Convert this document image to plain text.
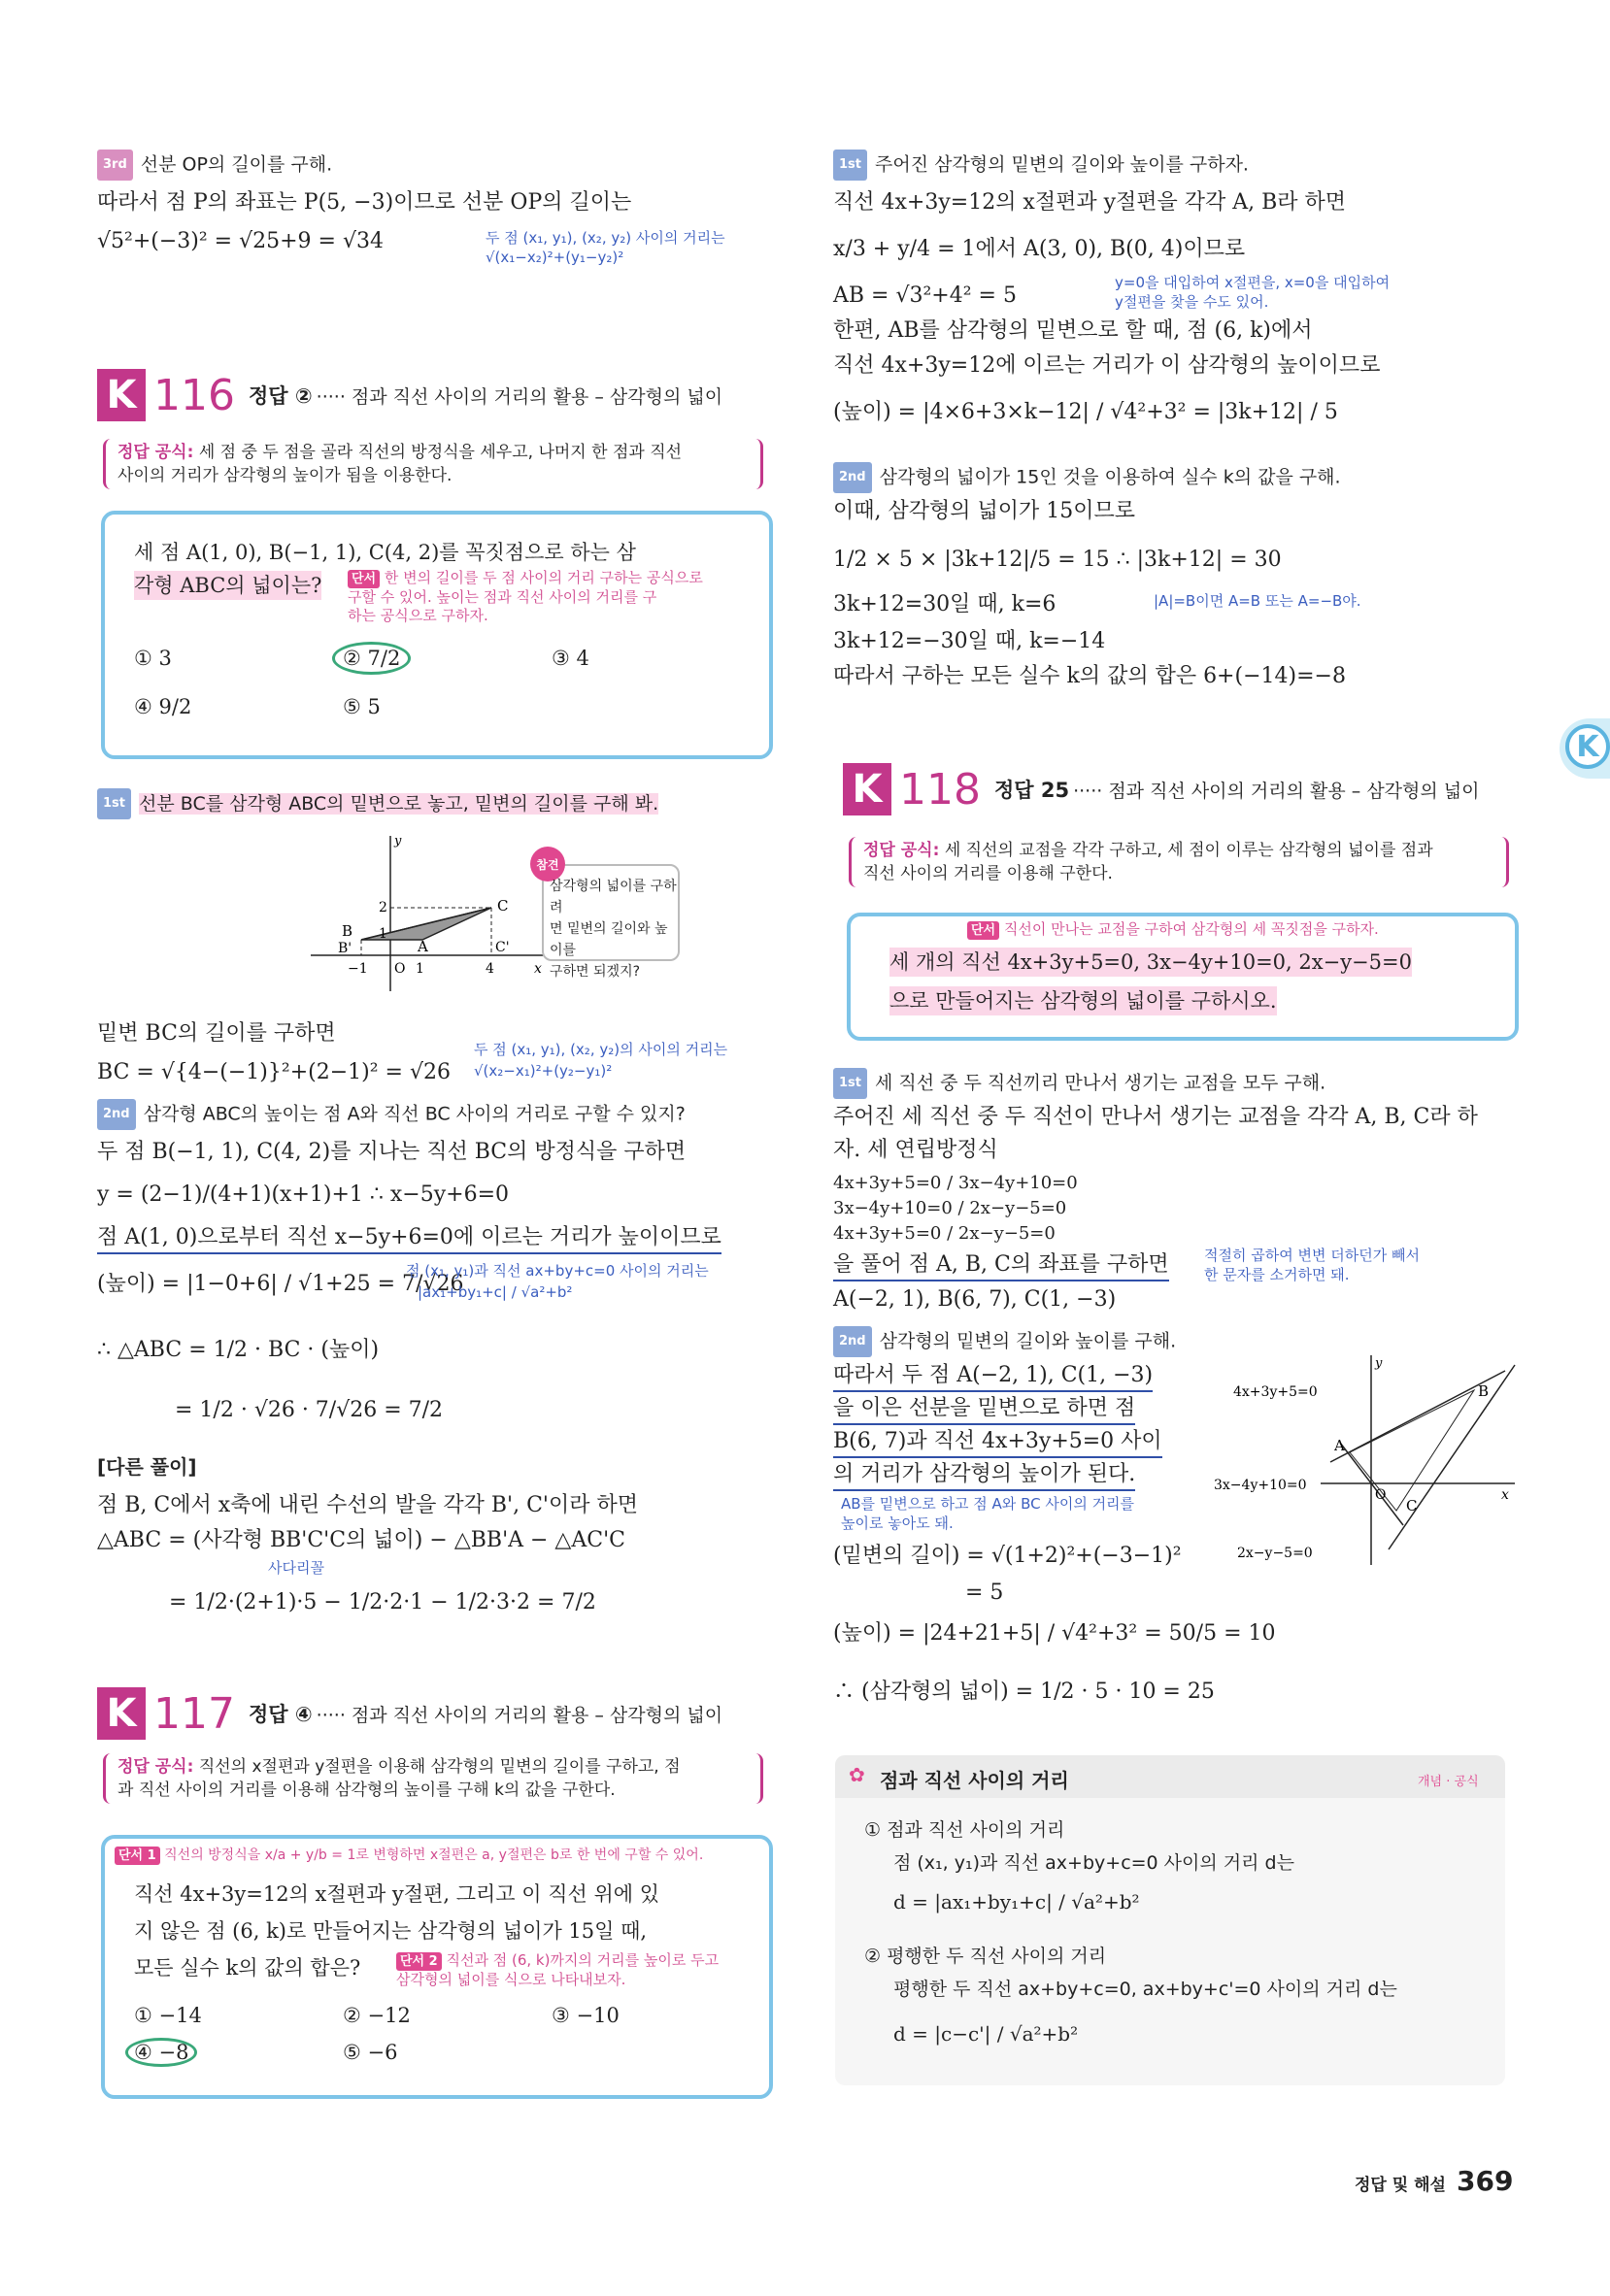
3rd 선분 OP의 길이를 구해.
따라서 점 P의 좌표는 P(5, −3)이므로 선분 OP의 길이는
√5²+(−3)² = √25+9 = √34	두 점 (x₁, y₁), (x₂, y₂) 사이의 거리는
√(x₁−x₂)²+(y₁−y₂)²
K 116 정답 ② ····· 점과 직선 사이의 거리의 활용 – 삼각형의 넓이
정답 공식: 세 점 중 두 점을 골라 직선의 방정식을 세우고, 나머지 한 점과 직선
사이의 거리가 삼각형의 높이가 됨을 이용한다.
세 점 A(1, 0), B(−1, 1), C(4, 2)를 꼭짓점으로 하는 삼
각형 ABC의 넓이는?	단서 한 변의 길이를 두 점 사이의 거리 구하는 공식으로
구할 수 있어. 높이는 점과 직선 사이의 거리를 구
하는 공식으로 구하자.
① 3	② 7/2	③ 4
④ 9/2	⑤ 5
1st 선분 BC를 삼각형 ABC의 밑변으로 놓고, 밑변의 길이를 구해 봐.
y
2	C
B 1
B'	A	C'
−1 O 1	4	x
참견
삼각형의 넓이를 구하려
면 밑변의 길이와 높이를
구하면 되겠지?
밑변 BC의 길이를 구하면
BC = √{4−(−1)}²+(2−1)² = √26
두 점 (x₁, y₁), (x₂, y₂)의 사이의 거리는
√(x₂−x₁)²+(y₂−y₁)²
2nd 삼각형 ABC의 높이는 점 A와 직선 BC 사이의 거리로 구할 수 있지?
두 점 B(−1, 1), C(4, 2)를 지나는 직선 BC의 방정식을 구하면
y = (2−1)/(4+1)(x+1)+1 ∴ x−5y+6=0
점 A(1, 0)으로부터 직선 x−5y+6=0에 이르는 거리가 높이이므로
(높이) = |1−0+6| / √1+25 = 7/√26
점 (x₁, y₁)과 직선 ax+by+c=0 사이의 거리는
|ax₁+by₁+c| / √a²+b²
∴ △ABC = 1/2 · BC · (높이)
= 1/2 · √26 · 7/√26 = 7/2
[다른 풀이]
점 B, C에서 x축에 내린 수선의 발을 각각 B', C'이라 하면
△ABC = (사각형 BB'C'C의 넓이) − △BB'A − △AC'C
사다리꼴
= 1/2·(2+1)·5 − 1/2·2·1 − 1/2·3·2 = 7/2
K 117 정답 ④ ····· 점과 직선 사이의 거리의 활용 – 삼각형의 넓이
정답 공식: 직선의 x절편과 y절편을 이용해 삼각형의 밑변의 길이를 구하고, 점
과 직선 사이의 거리를 이용해 삼각형의 높이를 구해 k의 값을 구한다.
단서 1 직선의 방정식을 x/a + y/b = 1로 변형하면 x절편은 a, y절편은 b로 한 번에 구할 수 있어.
직선 4x+3y=12의 x절편과 y절편, 그리고 이 직선 위에 있
지 않은 점 (6, k)로 만들어지는 삼각형의 넓이가 15일 때,
모든 실수 k의 값의 합은?	단서 2 직선과 점 (6, k)까지의 거리를 높이로 두고
삼각형의 넓이를 식으로 나타내보자.
① −14	② −12	③ −10
④ −8	⑤ −6
1st 주어진 삼각형의 밑변의 길이와 높이를 구하자.
직선 4x+3y=12의 x절편과 y절편을 각각 A, B라 하면
x/3 + y/4 = 1에서 A(3, 0), B(0, 4)이므로
y=0을 대입하여 x절편을, x=0을 대입하여
y절편을 찾을 수도 있어.
AB = √3²+4² = 5
한편, AB를 삼각형의 밑변으로 할 때, 점 (6, k)에서
직선 4x+3y=12에 이르는 거리가 이 삼각형의 높이이므로
(높이) = |4×6+3×k−12| / √4²+3² = |3k+12| / 5
2nd 삼각형의 넓이가 15인 것을 이용하여 실수 k의 값을 구해.
이때, 삼각형의 넓이가 15이므로
1/2 × 5 × |3k+12|/5 = 15 ∴ |3k+12| = 30
|A|=B이면 A=B 또는 A=−B야.
3k+12=30일 때, k=6
3k+12=−30일 때, k=−14
따라서 구하는 모든 실수 k의 값의 합은 6+(−14)=−8
K 118 정답 25 ····· 점과 직선 사이의 거리의 활용 – 삼각형의 넓이
정답 공식: 세 직선의 교점을 각각 구하고, 세 점이 이루는 삼각형의 넓이를 점과
직선 사이의 거리를 이용해 구한다.
단서 직선이 만나는 교점을 구하여 삼각형의 세 꼭짓점을 구하자.
세 개의 직선 4x+3y+5=0, 3x−4y+10=0, 2x−y−5=0
으로 만들어지는 삼각형의 넓이를 구하시오.
1st 세 직선 중 두 직선끼리 만나서 생기는 교점을 모두 구해.
주어진 세 직선 중 두 직선이 만나서 생기는 교점을 각각 A, B, C라 하
자. 세 연립방정식
4x+3y+5=0 / 3x−4y+10=0
3x−4y+10=0 / 2x−y−5=0
4x+3y+5=0 / 2x−y−5=0
을 풀어 점 A, B, C의 좌표를 구하면 적절히 곱하여 변변 더하던가 빼서
한 문자를 소거하면 돼.
A(−2, 1), B(6, 7), C(1, −3)
2nd 삼각형의 밑변의 길이와 높이를 구해.
따라서 두 점 A(−2, 1), C(1, −3)
을 이은 선분을 밑변으로 하면 점
B(6, 7)과 직선 4x+3y+5=0 사이
의 거리가 삼각형의 높이가 된다.
AB를 밑변으로 하고 점 A와 BC 사이의 거리를
높이로 놓아도 돼.
(밑변의 길이) = √(1+2)²+(−3−1)²
= 5
(높이) = |24+21+5| / √4²+3² = 50/5 = 10
∴ (삼각형의 넓이) = 1/2 · 5 · 10 = 25
y
4x+3y+5=0	B
A
O	x
3x−4y+10=0
C
2x−y−5=0
K
✿ 점과 직선 사이의 거리	개념 · 공식
① 점과 직선 사이의 거리
점 (x₁, y₁)과 직선 ax+by+c=0 사이의 거리 d는
d = |ax₁+by₁+c| / √a²+b²
② 평행한 두 직선 사이의 거리
평행한 두 직선 ax+by+c=0, ax+by+c'=0 사이의 거리 d는
d = |c−c'| / √a²+b²
정답 및 해설 369
